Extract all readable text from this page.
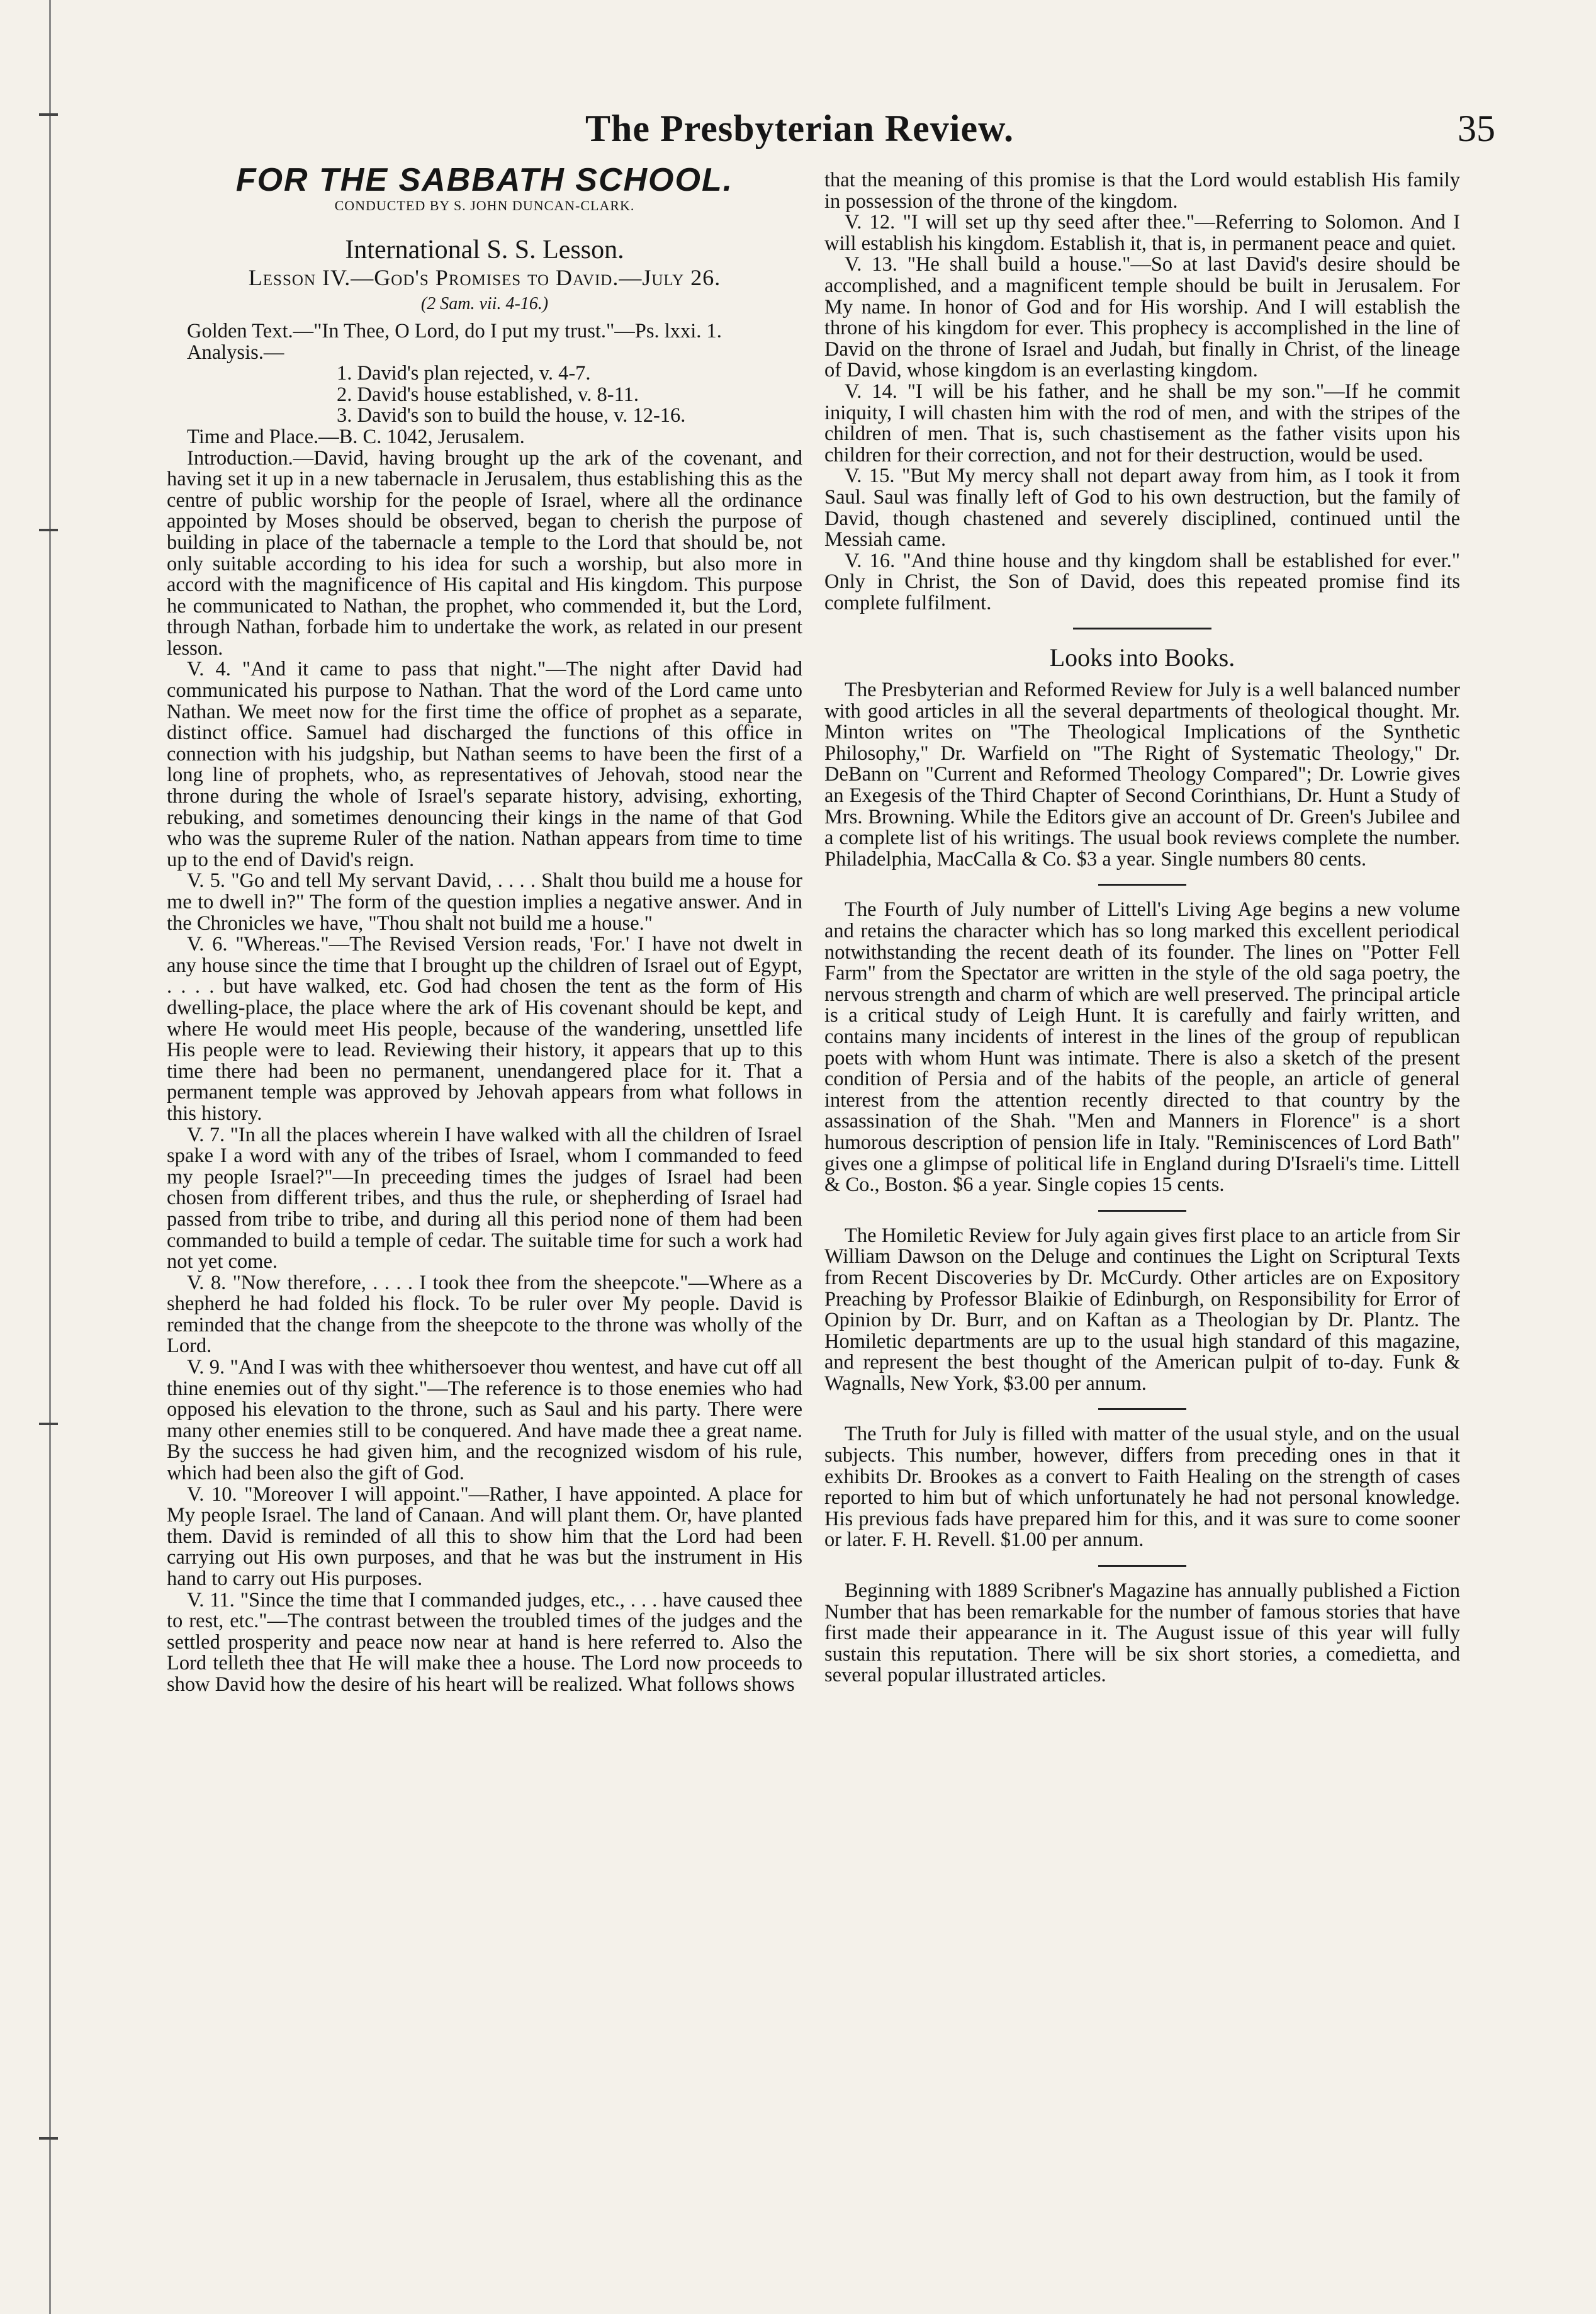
The Presbyterian Review.	35
FOR THE SABBATH SCHOOL.
CONDUCTED BY S. JOHN DUNCAN-CLARK.
International S. S. Lesson.
Lesson IV.—God's Promises to David.—July 26.
(2 Sam. vii. 4-16.)

Golden Text.—"In Thee, O Lord, do I put my trust."—Ps. lxxi. 1.

Analysis.—

1. David's plan rejected, v. 4-7.

2. David's house established, v. 8-11.

3. David's son to build the house, v. 12-16.

Time and Place.—B. C. 1042, Jerusalem.

Introduction.—David, having brought up the ark of the covenant, and having set it up in a new tabernacle in Jerusalem, thus establishing this as the centre of public worship for the people of Israel, where all the ordinance appointed by Moses should be observed, began to cherish the purpose of building in place of the tabernacle a temple to the Lord that should be, not only suitable according to his idea for such a worship, but also more in accord with the magnificence of His capital and His kingdom. This purpose he communicated to Nathan, the prophet, who commended it, but the Lord, through Nathan, forbade him to undertake the work, as related in our present lesson.

V. 4. "And it came to pass that night."—The night after David had communicated his purpose to Nathan. That the word of the Lord came unto Nathan. We meet now for the first time the office of prophet as a separate, distinct office. Samuel had discharged the functions of this office in connection with his judgship, but Nathan seems to have been the first of a long line of prophets, who, as representatives of Jehovah, stood near the throne during the whole of Israel's separate history, advising, exhorting, rebuking, and sometimes denouncing their kings in the name of that God who was the supreme Ruler of the nation. Nathan appears from time to time up to the end of David's reign.

V. 5. "Go and tell My servant David, . . . . Shalt thou build me a house for me to dwell in?" The form of the question implies a negative answer. And in the Chronicles we have, "Thou shalt not build me a house."

V. 6. "Whereas."—The Revised Version reads, 'For.' I have not dwelt in any house since the time that I brought up the children of Israel out of Egypt, . . . . but have walked, etc. God had chosen the tent as the form of His dwelling-place, the place where the ark of His covenant should be kept, and where He would meet His people, because of the wandering, unsettled life His people were to lead. Reviewing their history, it appears that up to this time there had been no permanent, unendangered place for it. That a permanent temple was approved by Jehovah appears from what follows in this history.

V. 7. "In all the places wherein I have walked with all the children of Israel spake I a word with any of the tribes of Israel, whom I commanded to feed my people Israel?"—In preceeding times the judges of Israel had been chosen from different tribes, and thus the rule, or shepherding of Israel had passed from tribe to tribe, and during all this period none of them had been commanded to build a temple of cedar. The suitable time for such a work had not yet come.

V. 8. "Now therefore, . . . . I took thee from the sheepcote."—Where as a shepherd he had folded his flock. To be ruler over My people. David is reminded that the change from the sheepcote to the throne was wholly of the Lord.

V. 9. "And I was with thee whithersoever thou wentest, and have cut off all thine enemies out of thy sight."—The reference is to those enemies who had opposed his elevation to the throne, such as Saul and his party. There were many other enemies still to be conquered. And have made thee a great name. By the success he had given him, and the recognized wisdom of his rule, which had been also the gift of God.

V. 10. "Moreover I will appoint."—Rather, I have appointed. A place for My people Israel. The land of Canaan. And will plant them. Or, have planted them. David is reminded of all this to show him that the Lord had been carrying out His own purposes, and that he was but the instrument in His hand to carry out His purposes.

V. 11. "Since the time that I commanded judges, etc., . . . have caused thee to rest, etc."—The contrast between the troubled times of the judges and the settled prosperity and peace now near at hand is here referred to. Also the Lord telleth thee that He will make thee a house. The Lord now proceeds to show David how the desire of his heart will be realized. What follows shows

that the meaning of this promise is that the Lord would establish His family in possession of the throne of the kingdom.

V. 12. "I will set up thy seed after thee."—Referring to Solomon. And I will establish his kingdom. Establish it, that is, in permanent peace and quiet.

V. 13. "He shall build a house."—So at last David's desire should be accomplished, and a magnificent temple should be built in Jerusalem. For My name. In honor of God and for His worship. And I will establish the throne of his kingdom for ever. This prophecy is accomplished in the line of David on the throne of Israel and Judah, but finally in Christ, of the lineage of David, whose kingdom is an everlasting kingdom.

V. 14. "I will be his father, and he shall be my son."—If he commit iniquity, I will chasten him with the rod of men, and with the stripes of the children of men. That is, such chastisement as the father visits upon his children for their correction, and not for their destruction, would be used.

V. 15. "But My mercy shall not depart away from him, as I took it from Saul. Saul was finally left of God to his own destruction, but the family of David, though chastened and severely disciplined, continued until the Messiah came.

V. 16. "And thine house and thy kingdom shall be established for ever." Only in Christ, the Son of David, does this repeated promise find its complete fulfilment.

Looks into Books.

The Presbyterian and Reformed Review for July is a well balanced number with good articles in all the several departments of theological thought. Mr. Minton writes on "The Theological Implications of the Synthetic Philosophy," Dr. Warfield on "The Right of Systematic Theology," Dr. DeBann on "Current and Reformed Theology Compared"; Dr. Lowrie gives an Exegesis of the Third Chapter of Second Corinthians, Dr. Hunt a Study of Mrs. Browning. While the Editors give an account of Dr. Green's Jubilee and a complete list of his writings. The usual book reviews complete the number. Philadelphia, MacCalla & Co. $3 a year. Single numbers 80 cents.

The Fourth of July number of Littell's Living Age begins a new volume and retains the character which has so long marked this excellent periodical notwithstanding the recent death of its founder. The lines on "Potter Fell Farm" from the Spectator are written in the style of the old saga poetry, the nervous strength and charm of which are well preserved. The principal article is a critical study of Leigh Hunt. It is carefully and fairly written, and contains many incidents of interest in the lines of the group of republican poets with whom Hunt was intimate. There is also a sketch of the present condition of Persia and of the habits of the people, an article of general interest from the attention recently directed to that country by the assassination of the Shah. "Men and Manners in Florence" is a short humorous description of pension life in Italy. "Reminiscences of Lord Bath" gives one a glimpse of political life in England during D'Israeli's time. Littell & Co., Boston. $6 a year. Single copies 15 cents.

The Homiletic Review for July again gives first place to an article from Sir William Dawson on the Deluge and continues the Light on Scriptural Texts from Recent Discoveries by Dr. McCurdy. Other articles are on Expository Preaching by Professor Blaikie of Edinburgh, on Responsibility for Error of Opinion by Dr. Burr, and on Kaftan as a Theologian by Dr. Plantz. The Homiletic departments are up to the usual high standard of this magazine, and represent the best thought of the American pulpit of to-day. Funk & Wagnalls, New York, $3.00 per annum.

The Truth for July is filled with matter of the usual style, and on the usual subjects. This number, however, differs from preceding ones in that it exhibits Dr. Brookes as a convert to Faith Healing on the strength of cases reported to him but of which unfortunately he had not personal knowledge. His previous fads have prepared him for this, and it was sure to come sooner or later. F. H. Revell. $1.00 per annum.

Beginning with 1889 Scribner's Magazine has annually published a Fiction Number that has been remarkable for the number of famous stories that have first made their appearance in it. The August issue of this year will fully sustain this reputation. There will be six short stories, a comedietta, and several popular illustrated articles.
